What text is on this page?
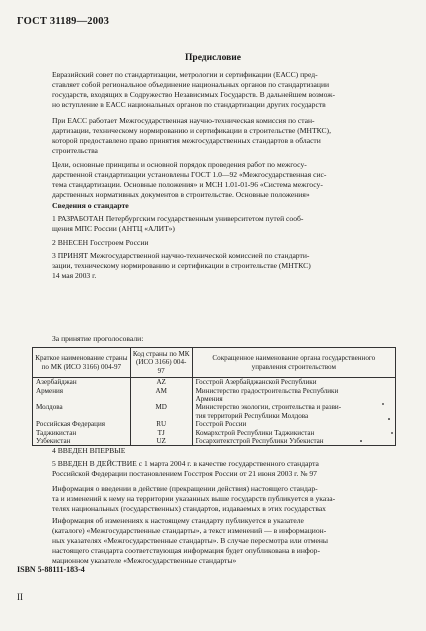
ГОСТ 31189—2003
Предисловие
Евразийский совет по стандартизации, метрологии и сертификации (ЕАСС) пред-
ставляет собой региональное объединение национальных органов по стандартизации
государств, входящих в Содружество Независимых Государств. В дальнейшем возмож-
но вступление в ЕАСС национальных органов по стандартизации других государств
При ЕАСС работает Межгосударственная научно-техническая комиссия по стан-
дартизации, техническому нормированию и сертификации в строительстве (МНТКС),
которой предоставлено право принятия межгосударственных стандартов в области
строительства
Цели, основные принципы и основной порядок проведения работ по межгосу-
дарственной стандартизации установлены ГОСТ 1.0—92 «Межгосударственная сис-
тема стандартизации. Основные положения» и МСН 1.01-01-96 «Система межгосу-
дарственных нормативных документов в строительстве. Основные положения»
Сведения о стандарте
1 РАЗРАБОТАН Петербургским государственным университетом путей сооб-
щения МПС России (АНТЦ «АЛИТ»)
2 ВНЕСЕН Госстроем России
3 ПРИНЯТ Межгосударственной научно-технической комиссией по стандарти-
зации, техническому нормированию и сертификации в строительстве (МНТКС)
14 мая 2003 г.
За принятие проголосовали:
Краткое наименование страны по МК (ИСО 3166) 004-97	Код страны по МК (ИСО 3166) 004-97	Сокращенное наименование органа государственного управления строительством
Азербайджан	AZ	Госстрой Азербайджанской Республики

Армения	AM	Министерство градостроительства Республики
Армения

Молдова	MD	Министерство экологии, строительства и разви-
тия территорий Республики Молдова

Российская Федерация	RU	Госстрой России

Таджикистан	TJ	Комархстрой Республики Таджикистан

Узбекистан	UZ	Госархитектстрой Республики Узбекистан
4 ВВЕДЕН ВПЕРВЫЕ
5 ВВЕДЕН В ДЕЙСТВИЕ с 1 марта 2004 г. в качестве государственного стандарта
Российской Федерации постановлением Госстроя России от 21 июня 2003 г. № 97
Информация о введении в действие (прекращении действия) настоящего стандар-
та и изменений к нему на территории указанных выше государств публикуется в указа-
телях национальных (государственных) стандартов, издаваемых в этих государствах
Информация об изменениях к настоящему стандарту публикуется в указателе
(каталоге) «Межгосударственные стандарты», а текст изменений — в информацион-
ных указателях «Межгосударственные стандарты». В случае пересмотра или отмены
настоящего стандарта соответствующая информация будет опубликована в инфор-
мационном указателе «Межгосударственные стандарты»
ISBN 5-88111-183-4
II
